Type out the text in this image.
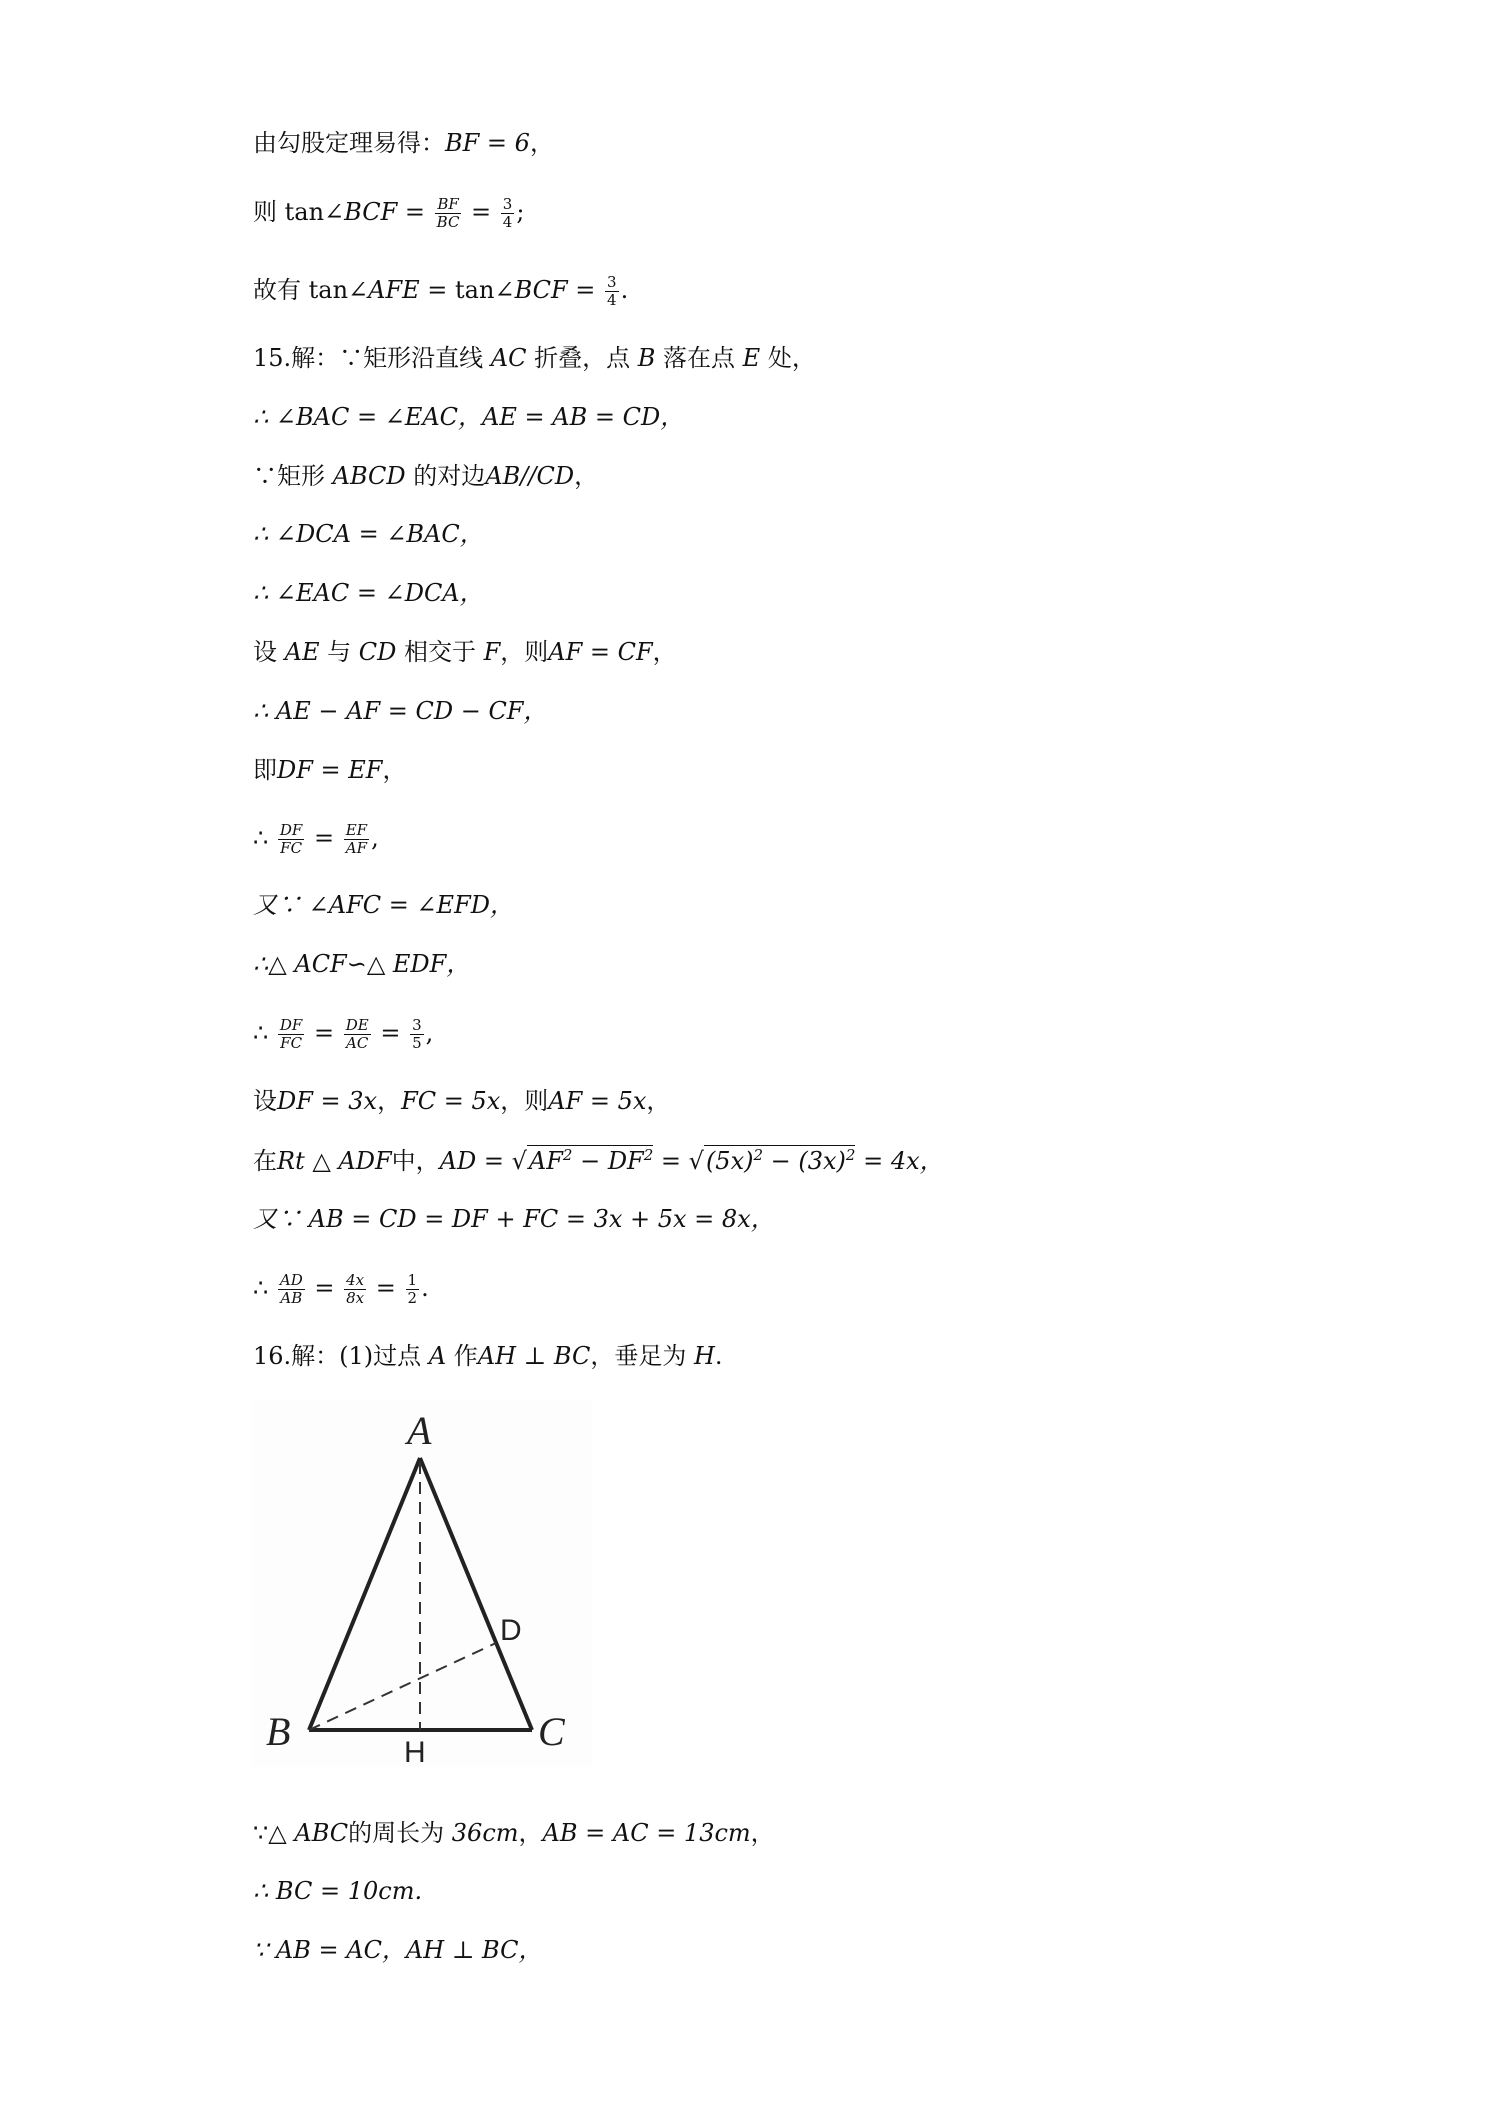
由勾股定理易得：BF = 6，
则 tan∠BCF = $\frac{BF}{BC} = \frac{3}{4}$ ;
故有 tan∠AFE = tan∠BCF = $\frac{3}{4}$ .
15.解：∵矩形沿直线 AC 折叠，点 B 落在点 E 处，
∴ ∠BAC = ∠EAC，AE = AB = CD，
∵矩形 ABCD 的对边AB//CD，
∴ ∠DCA = ∠BAC，
∴ ∠EAC = ∠DCA，
设 AE 与 CD 相交于 F，则AF = CF，
∴ AE − AF = CD − CF，
即DF = EF，
∴ $\frac{DF}{FC} = \frac{EF}{AF}$ ,
又∵ ∠AFC = ∠EFD，
∴△ ACF∽△ EDF，
∴ $\frac{DF}{FC} = \frac{DE}{AC} = \frac{3}{5}$ ,
设DF = 3x，FC = 5x，则AF = 5x，
在Rt △ ADF中，AD = $√AF^2 - DF^2 = √(5x)^2 - (3x)^2 = 4x$，
又∵ AB = CD = DF + FC = 3x + 5x = 8x，
∴ $\frac{AD}{AB} = \frac{4x}{8x} = \frac{1}{2}$ .
16.解：(1)过点 A 作AH ⊥ BC，垂足为 H.
A
B	C
D
H
∵△ ABC的周长为 36cm，AB = AC = 13cm，
∴ BC = 10cm.
∵ AB = AC，AH ⊥ BC，
